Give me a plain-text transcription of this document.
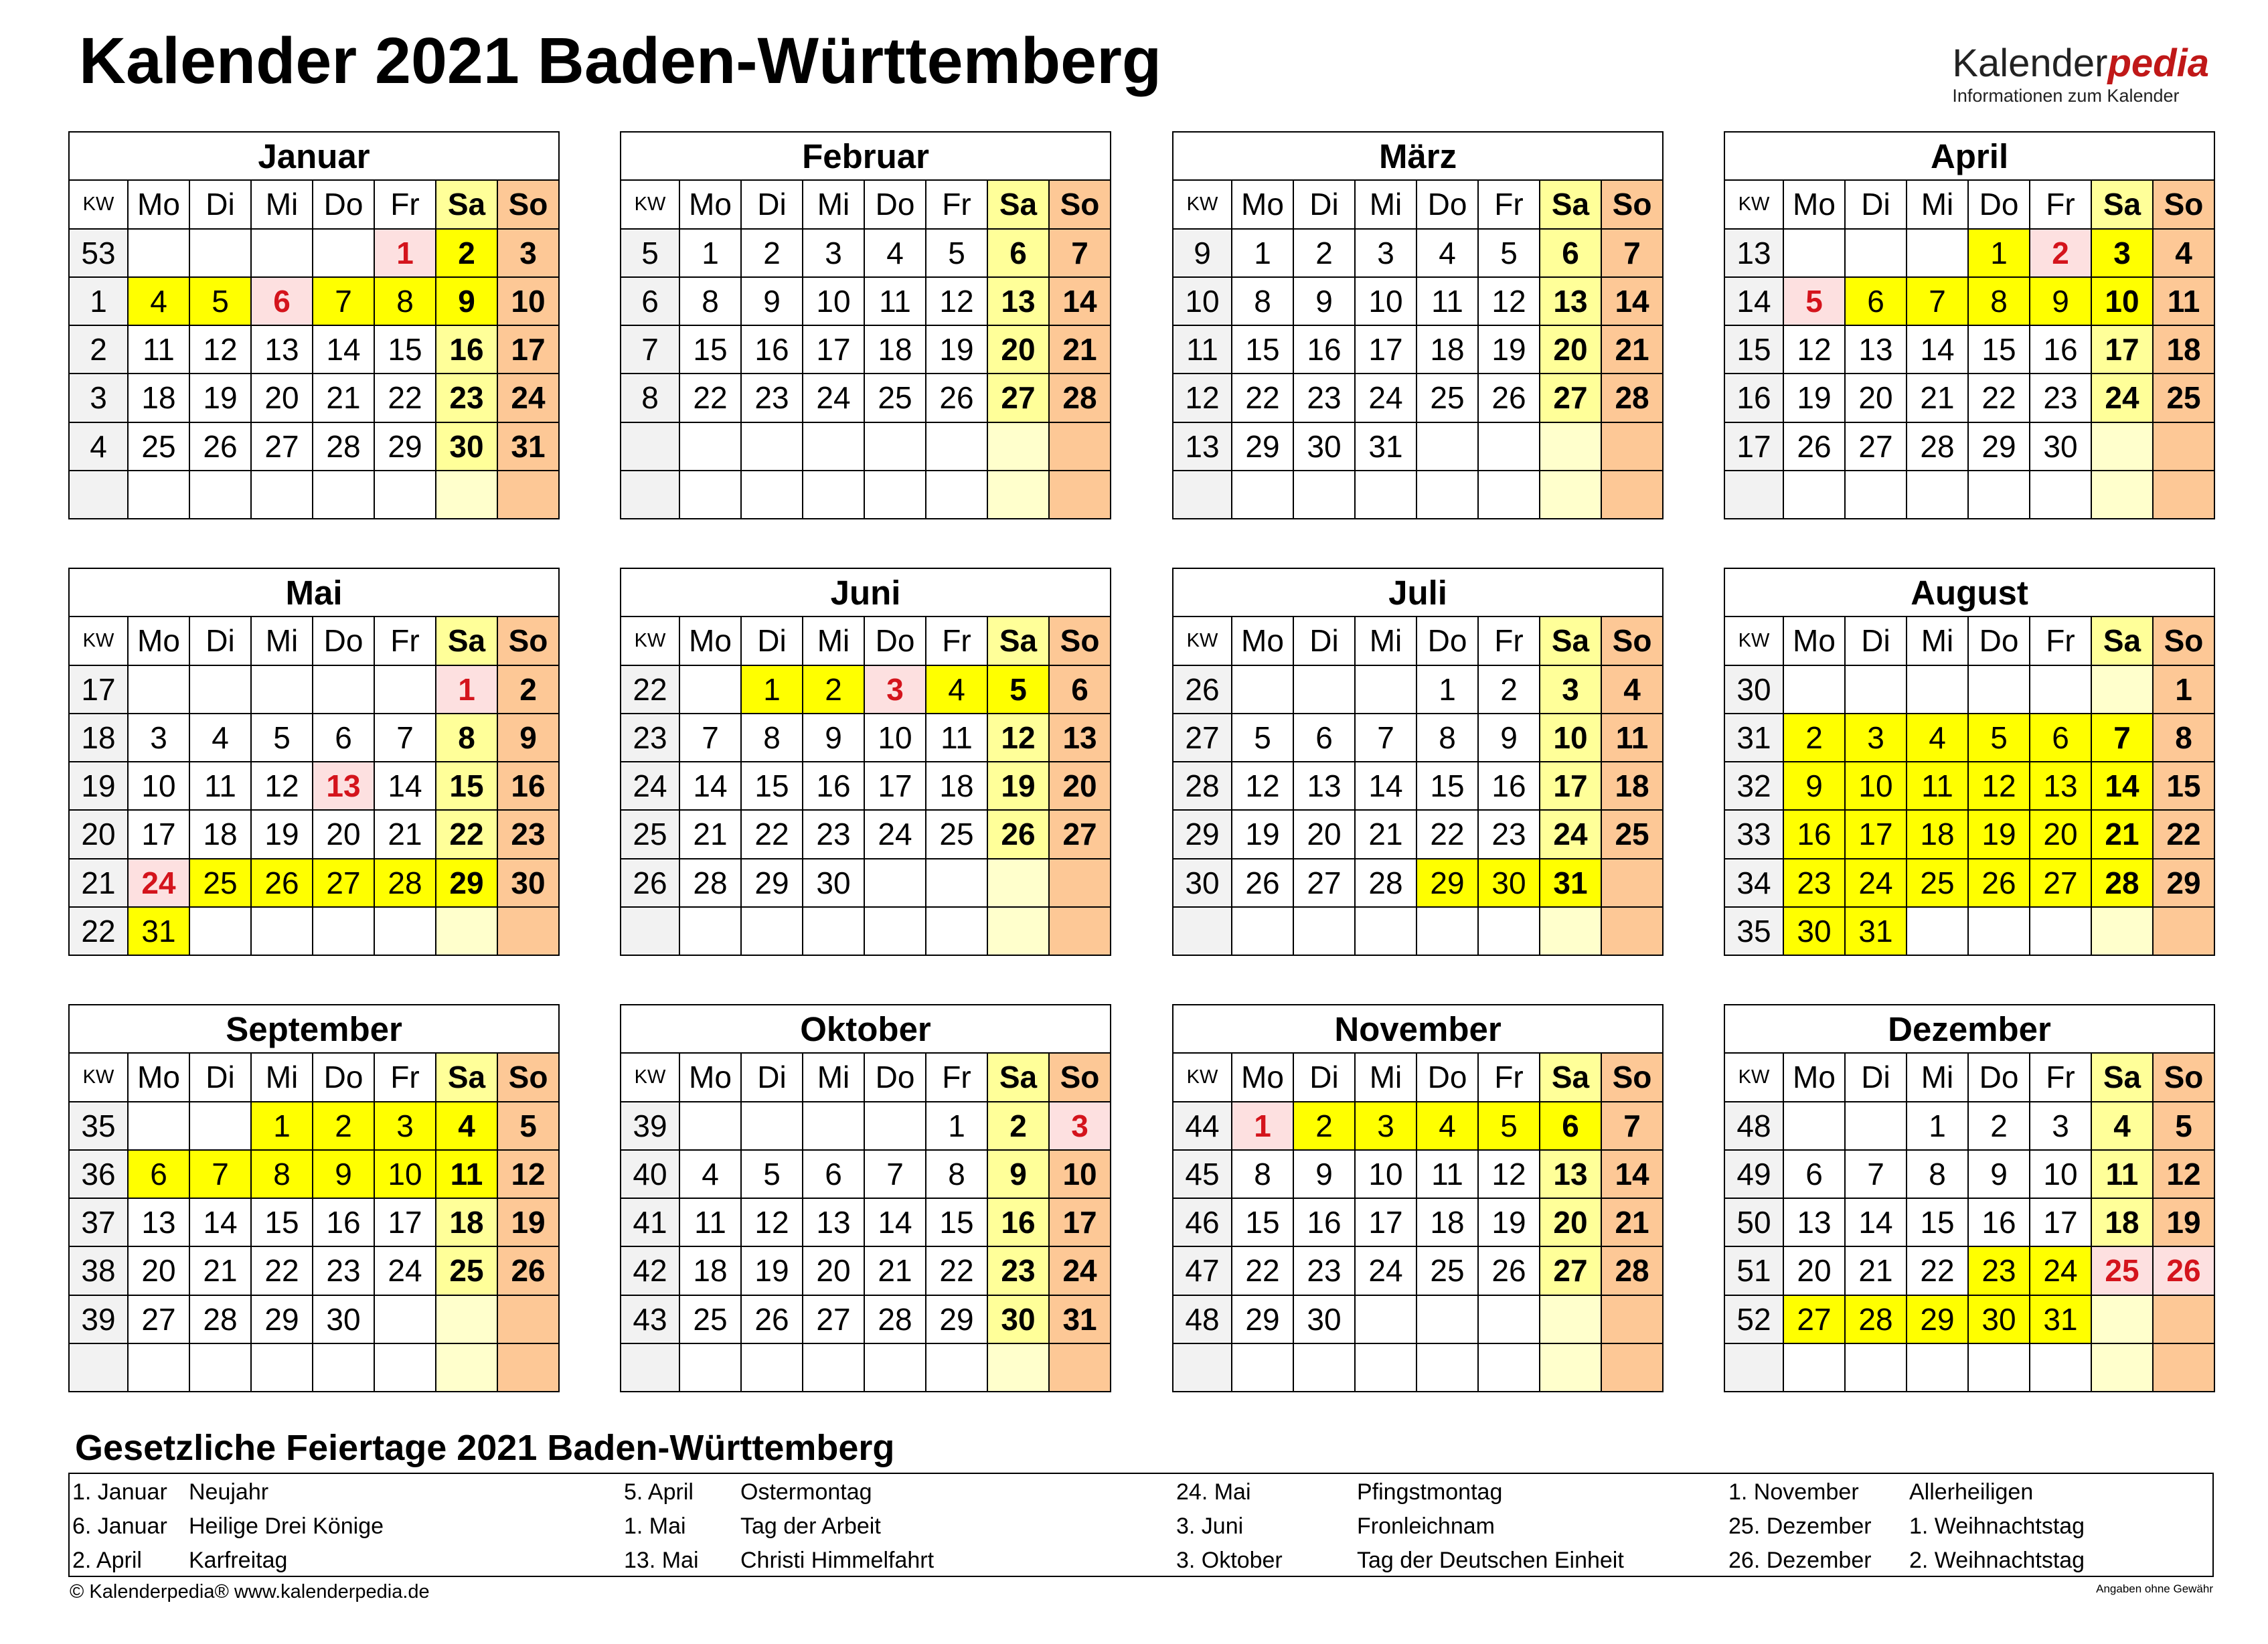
Kalender 2021 Baden-Württemberg	Kalenderpedia
Informationen zum Kalender
Januar							
KW	Mo	Di	Mi	Do	Fr	Sa	So
53					1	2	3
1	4	5	6	7	8	9	10
2	11	12	13	14	15	16	17
3	18	19	20	21	22	23	24
4	25	26	27	28	29	30	31

Februar							
KW	Mo	Di	Mi	Do	Fr	Sa	So
5	1	2	3	4	5	6	7
6	8	9	10	11	12	13	14
7	15	16	17	18	19	20	21
8	22	23	24	25	26	27	28

März							
KW	Mo	Di	Mi	Do	Fr	Sa	So
9	1	2	3	4	5	6	7
10	8	9	10	11	12	13	14
11	15	16	17	18	19	20	21
12	22	23	24	25	26	27	28
13	29	30	31				

April							
KW	Mo	Di	Mi	Do	Fr	Sa	So
13				1	2	3	4
14	5	6	7	8	9	10	11
15	12	13	14	15	16	17	18
16	19	20	21	22	23	24	25
17	26	27	28	29	30		

Mai							
KW	Mo	Di	Mi	Do	Fr	Sa	So
17						1	2
18	3	4	5	6	7	8	9
19	10	11	12	13	14	15	16
20	17	18	19	20	21	22	23
21	24	25	26	27	28	29	30
22	31						
Juni							
KW	Mo	Di	Mi	Do	Fr	Sa	So
22		1	2	3	4	5	6
23	7	8	9	10	11	12	13
24	14	15	16	17	18	19	20
25	21	22	23	24	25	26	27
26	28	29	30				

Juli							
KW	Mo	Di	Mi	Do	Fr	Sa	So
26				1	2	3	4
27	5	6	7	8	9	10	11
28	12	13	14	15	16	17	18
29	19	20	21	22	23	24	25
30	26	27	28	29	30	31	

August							
KW	Mo	Di	Mi	Do	Fr	Sa	So
30							1
31	2	3	4	5	6	7	8
32	9	10	11	12	13	14	15
33	16	17	18	19	20	21	22
34	23	24	25	26	27	28	29
35	30	31					
September							
KW	Mo	Di	Mi	Do	Fr	Sa	So
35			1	2	3	4	5
36	6	7	8	9	10	11	12
37	13	14	15	16	17	18	19
38	20	21	22	23	24	25	26
39	27	28	29	30			

Oktober							
KW	Mo	Di	Mi	Do	Fr	Sa	So
39					1	2	3
40	4	5	6	7	8	9	10
41	11	12	13	14	15	16	17
42	18	19	20	21	22	23	24
43	25	26	27	28	29	30	31

November							
KW	Mo	Di	Mi	Do	Fr	Sa	So
44	1	2	3	4	5	6	7
45	8	9	10	11	12	13	14
46	15	16	17	18	19	20	21
47	22	23	24	25	26	27	28
48	29	30					

Dezember							
KW	Mo	Di	Mi	Do	Fr	Sa	So
48			1	2	3	4	5
49	6	7	8	9	10	11	12
50	13	14	15	16	17	18	19
51	20	21	22	23	24	25	26
52	27	28	29	30	31		

Gesetzliche Feiertage 2021 Baden-Württemberg
1. Januar Neujahr
6. Januar Heilige Drei Könige
2. April Karfreitag
5. April Ostermontag
1. Mai Tag der Arbeit
13. Mai Christi Himmelfahrt
24. Mai	Pfingstmontag
3. Juni	Fronleichnam
3. Oktober	Tag der Deutschen Einheit
1. November Allerheiligen
25. Dezember 1. Weihnachtstag
26. Dezember 2. Weihnachtstag
© Kalenderpedia® www.kalenderpedia.de	Angaben ohne Gewähr
